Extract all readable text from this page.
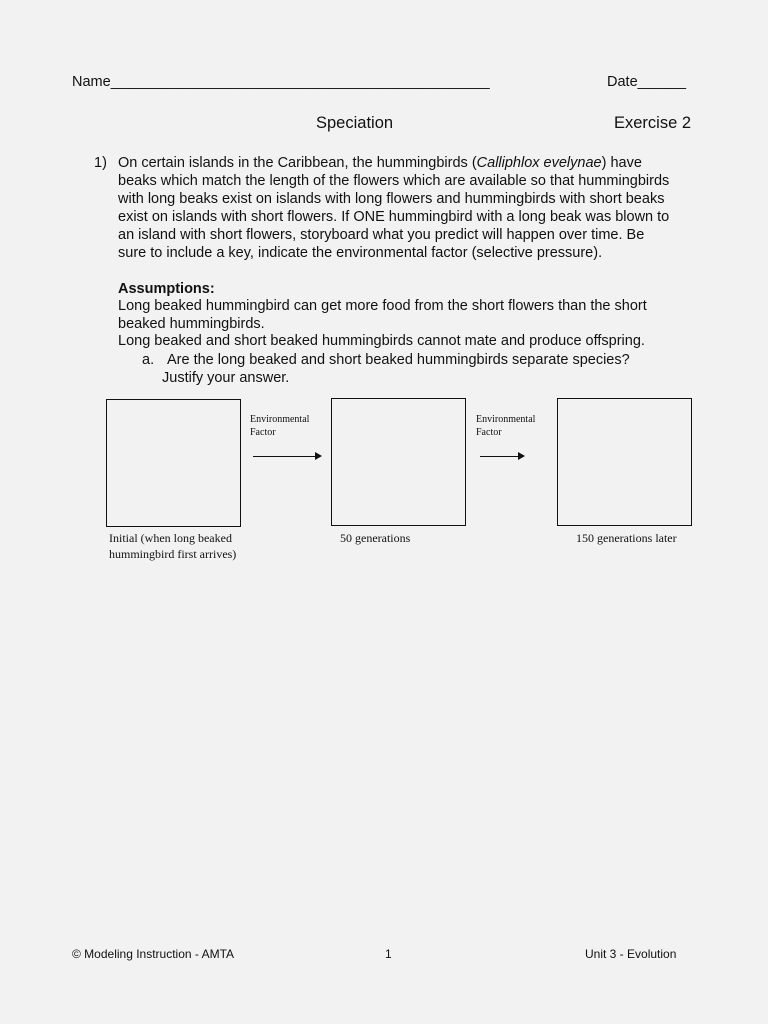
Name_______________________________________________	Date______
Speciation	Exercise 2
1) On certain islands in the Caribbean, the hummingbirds (Calliphlox evelynae) have
beaks which match the length of the flowers which are available so that hummingbirds
with long beaks exist on islands with long flowers and hummingbirds with short beaks
exist on islands with short flowers. If ONE hummingbird with a long beak was blown to
an island with short flowers, storyboard what you predict will happen over time. Be
sure to include a key, indicate the environmental factor (selective pressure).
Assumptions:
Long beaked hummingbird can get more food from the short flowers than the short
beaked hummingbirds.
Long beaked and short beaked hummingbirds cannot mate and produce offspring.
a. Are the long beaked and short beaked hummingbirds separate species?
Justify your answer.
Environmental
Factor
Environmental
Factor
Initial (when long beaked
hummingbird first arrives)
50 generations	150 generations later
© Modeling Instruction - AMTA	1	Unit 3 - Evolution
